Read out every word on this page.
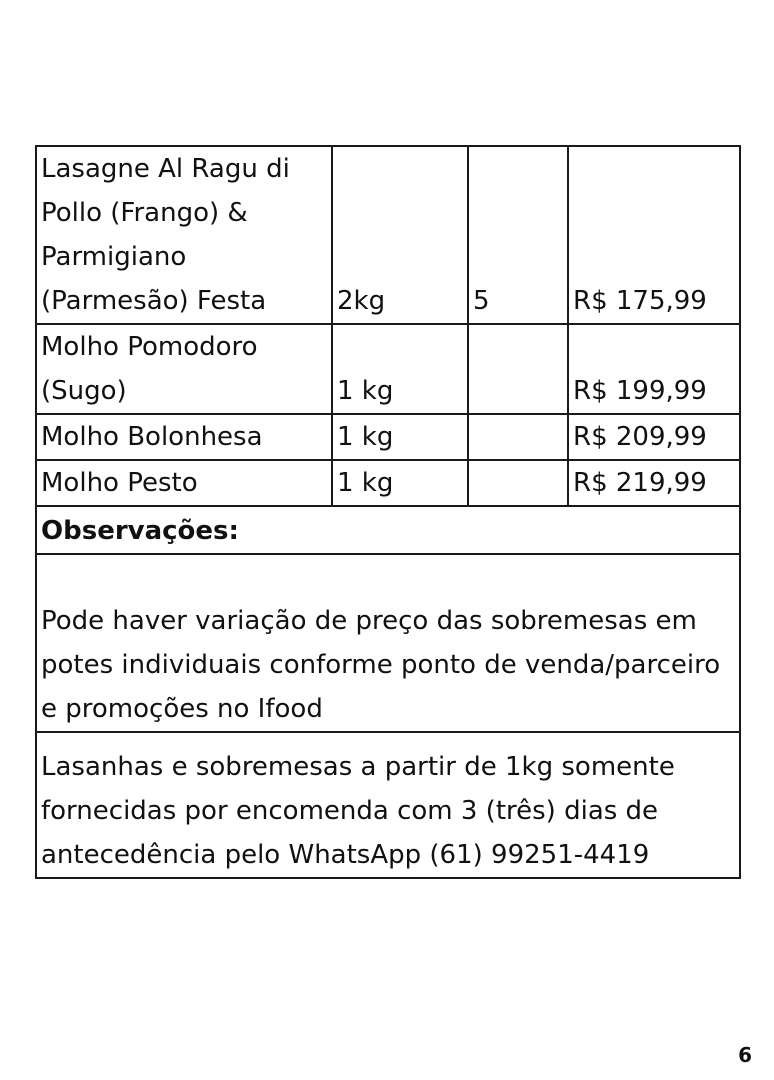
Lasagne Al Ragu di
Pollo (Frango) &
Parmigiano
(Parmesão) Festa	2kg	5	R$ 175,99

Molho Pomodoro
(Sugo)	1 kg		R$ 199,99
Molho Bolonhesa	1 kg		R$ 209,99
Molho Pesto	1 kg		R$ 219,99
Observações:			

Pode haver variação de preço das sobremesas em potes individuais conforme ponto de venda/parceiro e promoções no Ifood			

Lasanhas e sobremesas a partir de 1kg somente fornecidas por encomenda com 3 (três) dias de antecedência pelo WhatsApp (61) 99251-4419			
6
